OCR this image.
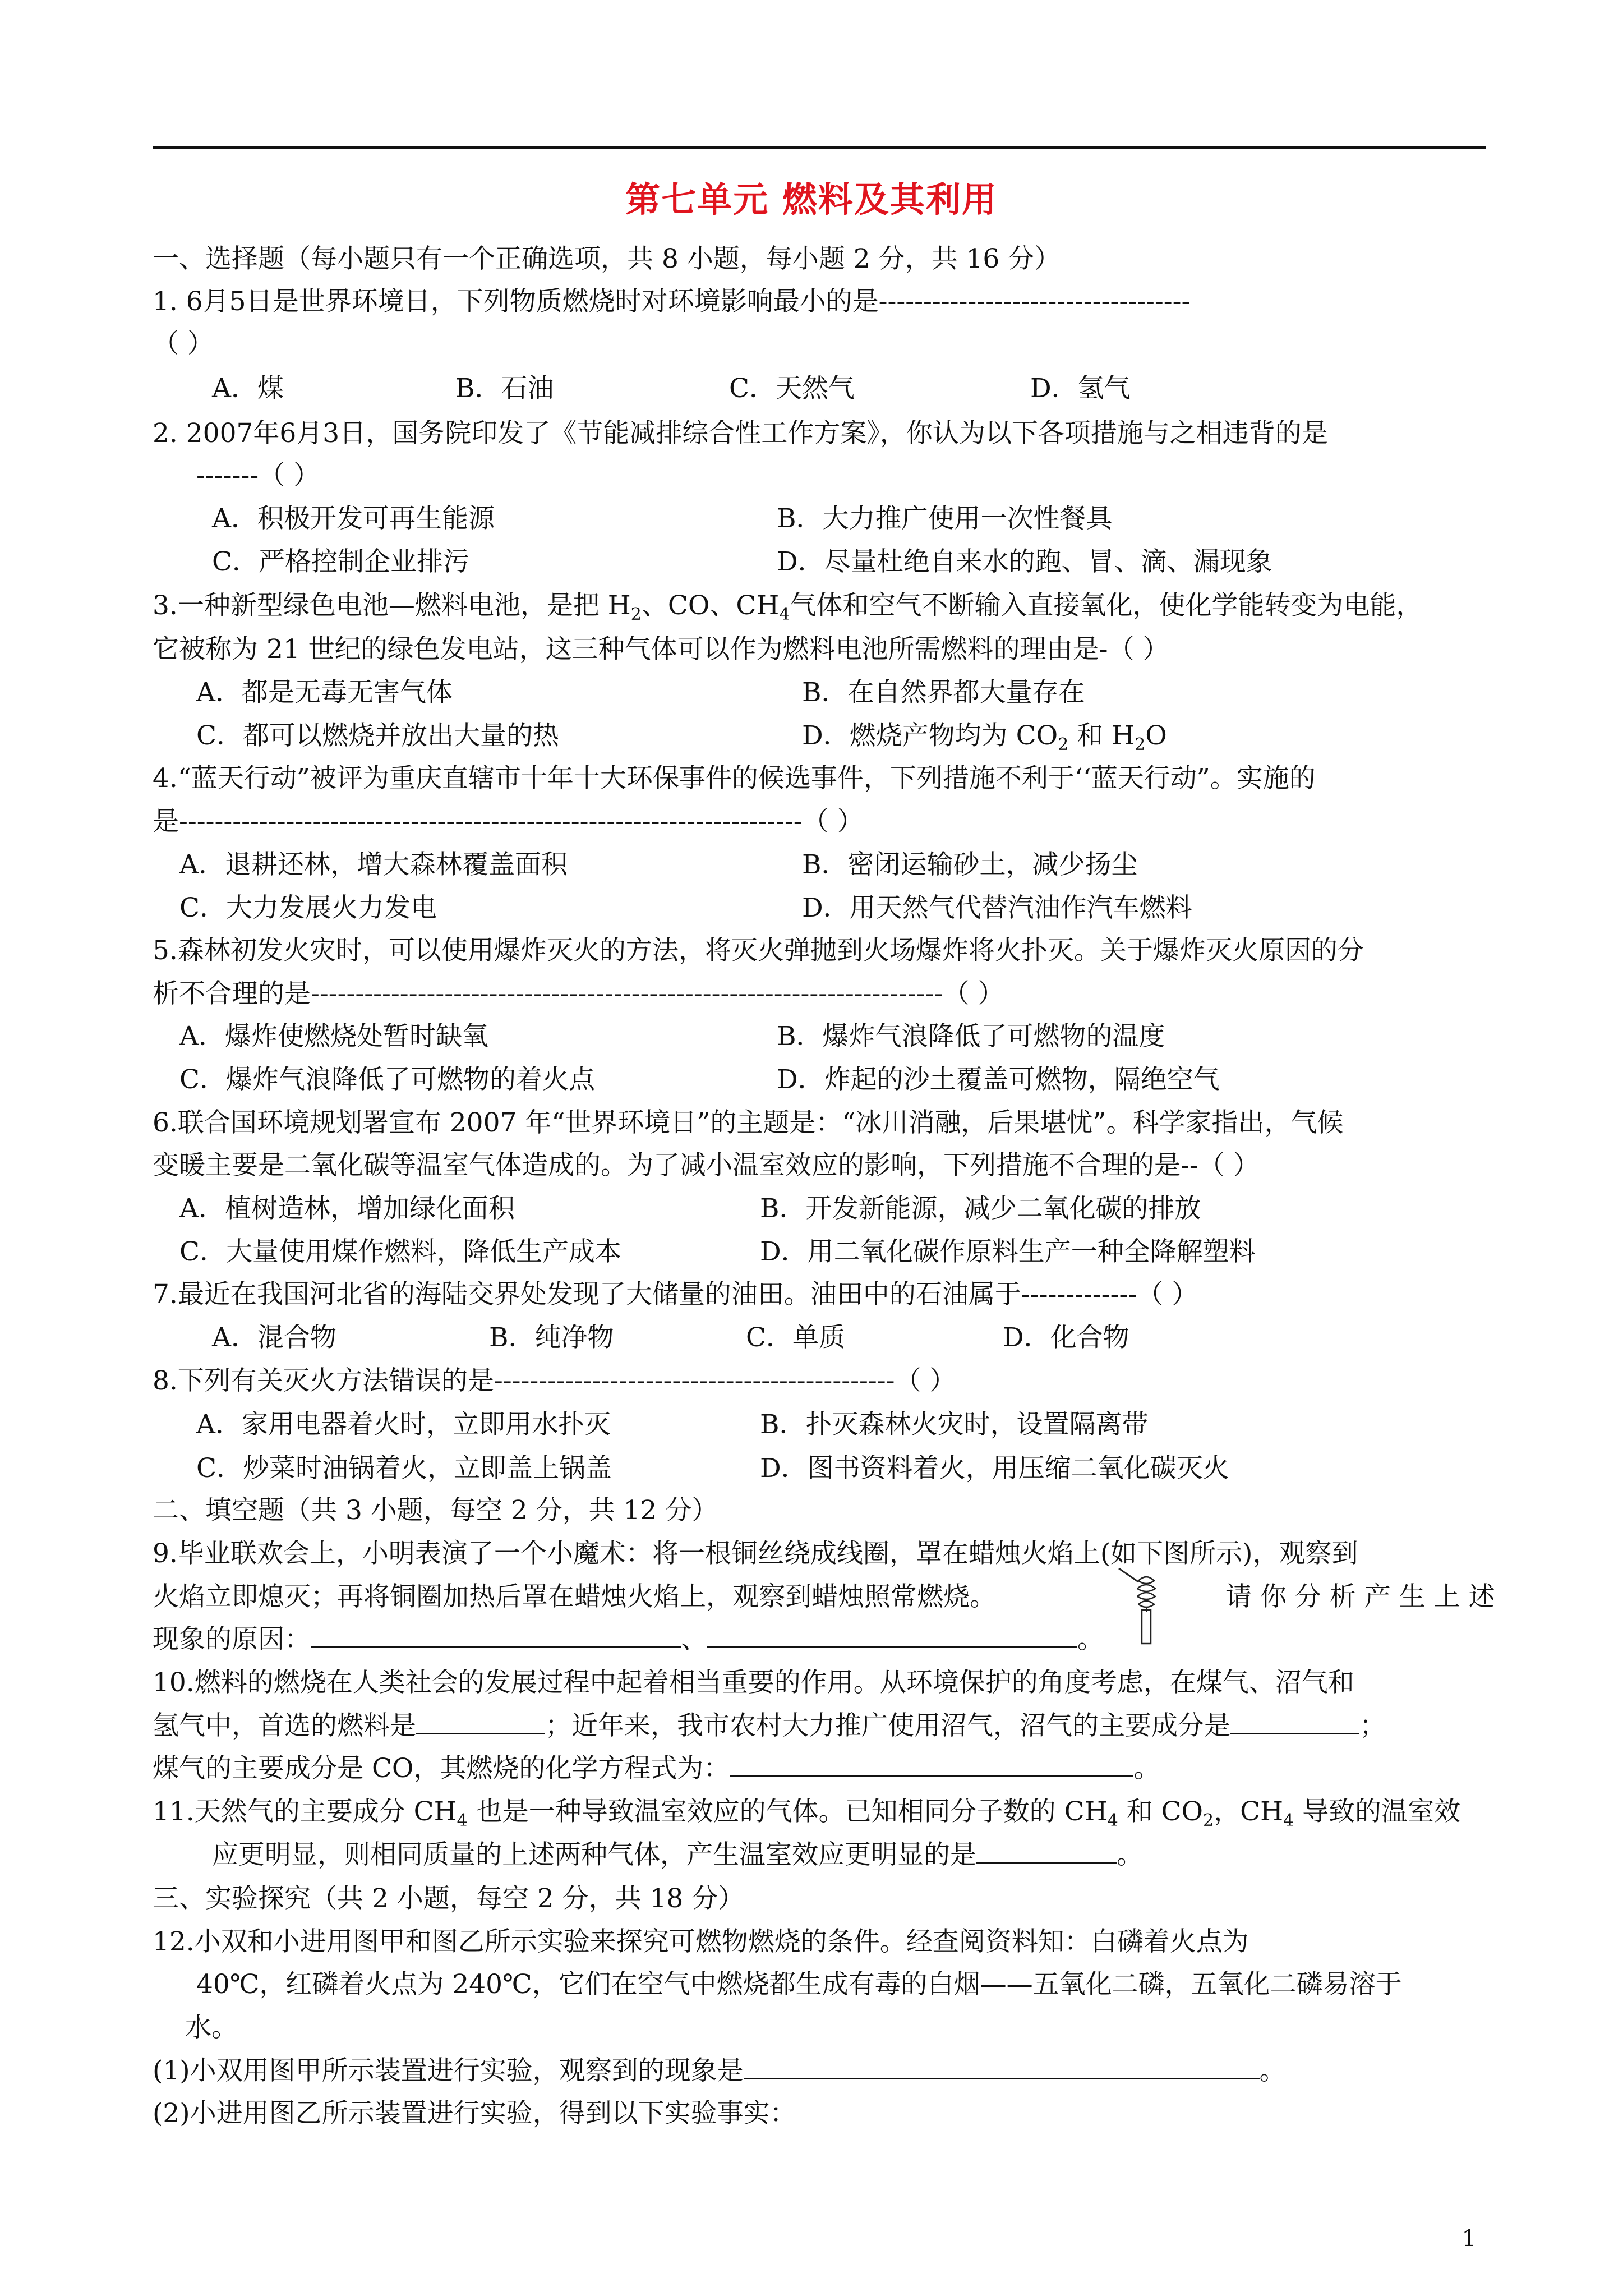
第七单元 燃料及其利用
一、选择题（每小题只有一个正确选项，共 8 小题，每小题 2 分，共 16 分）
1. 6月5日是世界环境日，下列物质燃烧时对环境影响最小的是-----------------------------------
（ ）
A．煤	B．石油	C．天然气	D．氢气
2. 2007年6月3日，国务院印发了《节能减排综合性工作方案》，你认为以下各项措施与之相违背的是
-------（ ）
A．积极开发可再生能源	B．大力推广使用一次性餐具
C．严格控制企业排污	D．尽量杜绝自来水的跑、冒、滴、漏现象
3.一种新型绿色电池—燃料电池，是把 $H_2$、CO、$CH_4$气体和空气不断输入直接氧化，使化学能转变为电能，
它被称为 21 世纪的绿色发电站，这三种气体可以作为燃料电池所需燃料的理由是-（ ）
A．都是无毒无害气体	B．在自然界都大量存在
C．都可以燃烧并放出大量的热	D．燃烧产物均为 $CO_2$ 和 $H_2O$
4.“蓝天行动”被评为重庆直辖市十年十大环保事件的候选事件，下列措施不利于‘‘蓝天行动”。实施的
是----------------------------------------------------------------------（ ）
A．退耕还林，增大森林覆盖面积	B．密闭运输砂土，减少扬尘
C．大力发展火力发电	D．用天然气代替汽油作汽车燃料
5.森林初发火灾时，可以使用爆炸灭火的方法，将灭火弹抛到火场爆炸将火扑灭。关于爆炸灭火原因的分
析不合理的是-----------------------------------------------------------------------（ ）
A．爆炸使燃烧处暂时缺氧	B．爆炸气浪降低了可燃物的温度
C．爆炸气浪降低了可燃物的着火点	D．炸起的沙土覆盖可燃物，隔绝空气
6.联合国环境规划署宣布 2007 年“世界环境日”的主题是：“冰川消融，后果堪忧”。科学家指出，气候
变暖主要是二氧化碳等温室气体造成的。为了减小温室效应的影响，下列措施不合理的是--（ ）
A．植树造林，增加绿化面积	B．开发新能源，减少二氧化碳的排放
C．大量使用煤作燃料，降低生产成本	D．用二氧化碳作原料生产一种全降解塑料
7.最近在我国河北省的海陆交界处发现了大储量的油田。油田中的石油属于-------------（ ）
A．混合物	B．纯净物	C．单质	D．化合物
8.下列有关灭火方法错误的是---------------------------------------------（ ）
A．家用电器着火时，立即用水扑灭	B．扑灭森林火灾时，设置隔离带
C．炒菜时油锅着火，立即盖上锅盖	D．图书资料着火，用压缩二氧化碳灭火
二、填空题（共 3 小题，每空 2 分，共 12 分）
9.毕业联欢会上，小明表演了一个小魔术：将一根铜丝绕成线圈，罩在蜡烛火焰上(如下图所示)，观察到
火焰立即熄灭；再将铜圈加热后罩在蜡烛火焰上，观察到蜡烛照常燃烧。	请 你 分 析 产 生 上 述
现象的原因：	、	。
10.燃料的燃烧在人类社会的发展过程中起着相当重要的作用。从环境保护的角度考虑，在煤气、沼气和
氢气中，首选的燃料是	；近年来，我市农村大力推广使用沼气，沼气的主要成分是	；
煤气的主要成分是 CO，其燃烧的化学方程式为：	。
11.天然气的主要成分 $CH_4$ 也是一种导致温室效应的气体。已知相同分子数的 $CH_4$ 和 $CO_2$，$CH_4$ 导致的温室效
应更明显，则相同质量的上述两种气体，产生温室效应更明显的是	。
三、实验探究（共 2 小题，每空 2 分，共 18 分）
12.小双和小进用图甲和图乙所示实验来探究可燃物燃烧的条件。经查阅资料知：白磷着火点为
40℃，红磷着火点为 240℃，它们在空气中燃烧都生成有毒的白烟——五氧化二磷，五氧化二磷易溶于
水。
(1)小双用图甲所示装置进行实验，观察到的现象是	。
(2)小进用图乙所示装置进行实验，得到以下实验事实：
1
